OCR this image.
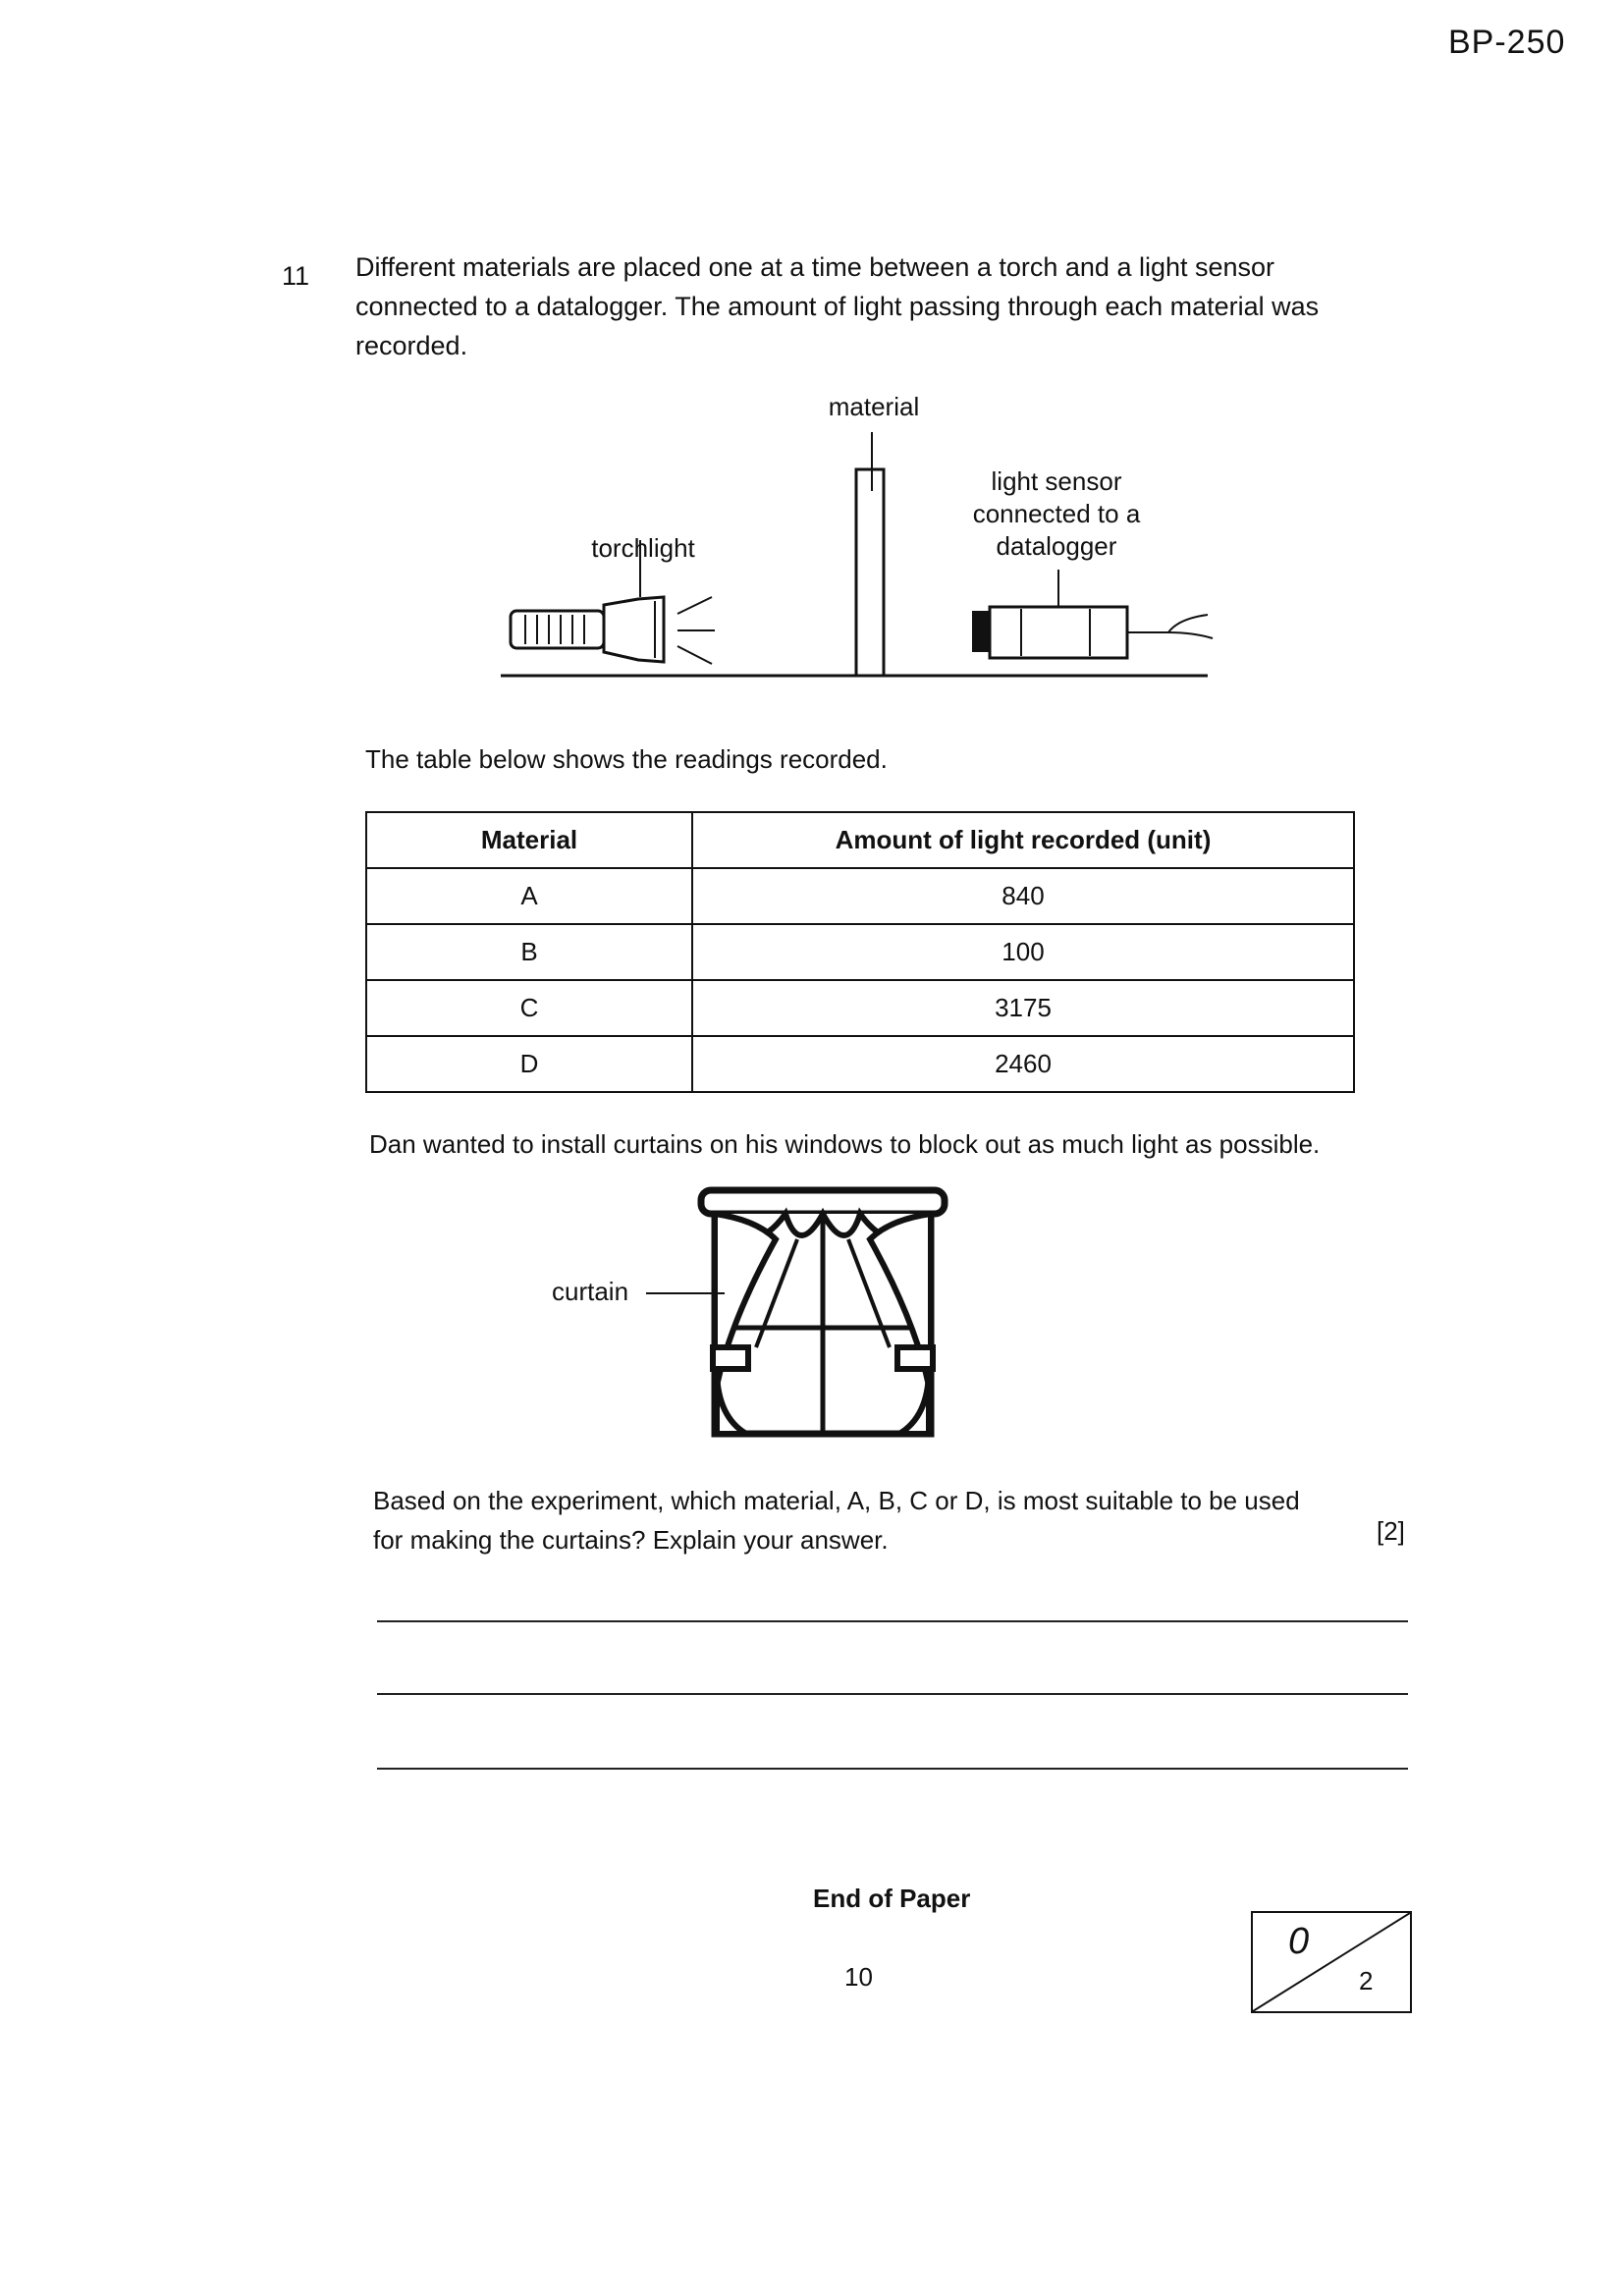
BP-250
11 Different materials are placed one at a time between a torch and a light sensor
connected to a datalogger. The amount of light passing through each material was
recorded.
material
torchlight
light sensor
connected to a
datalogger
The table below shows the readings recorded.
Material	Amount of light recorded (unit)
A	840
B	100
C	3175
D	2460
Dan wanted to install curtains on his windows to block out as much light as possible.
curtain
Based on the experiment, which material, A, B, C or D, is most suitable to be used
for making the curtains? Explain your answer.	[2]
End of Paper
10
0
2
